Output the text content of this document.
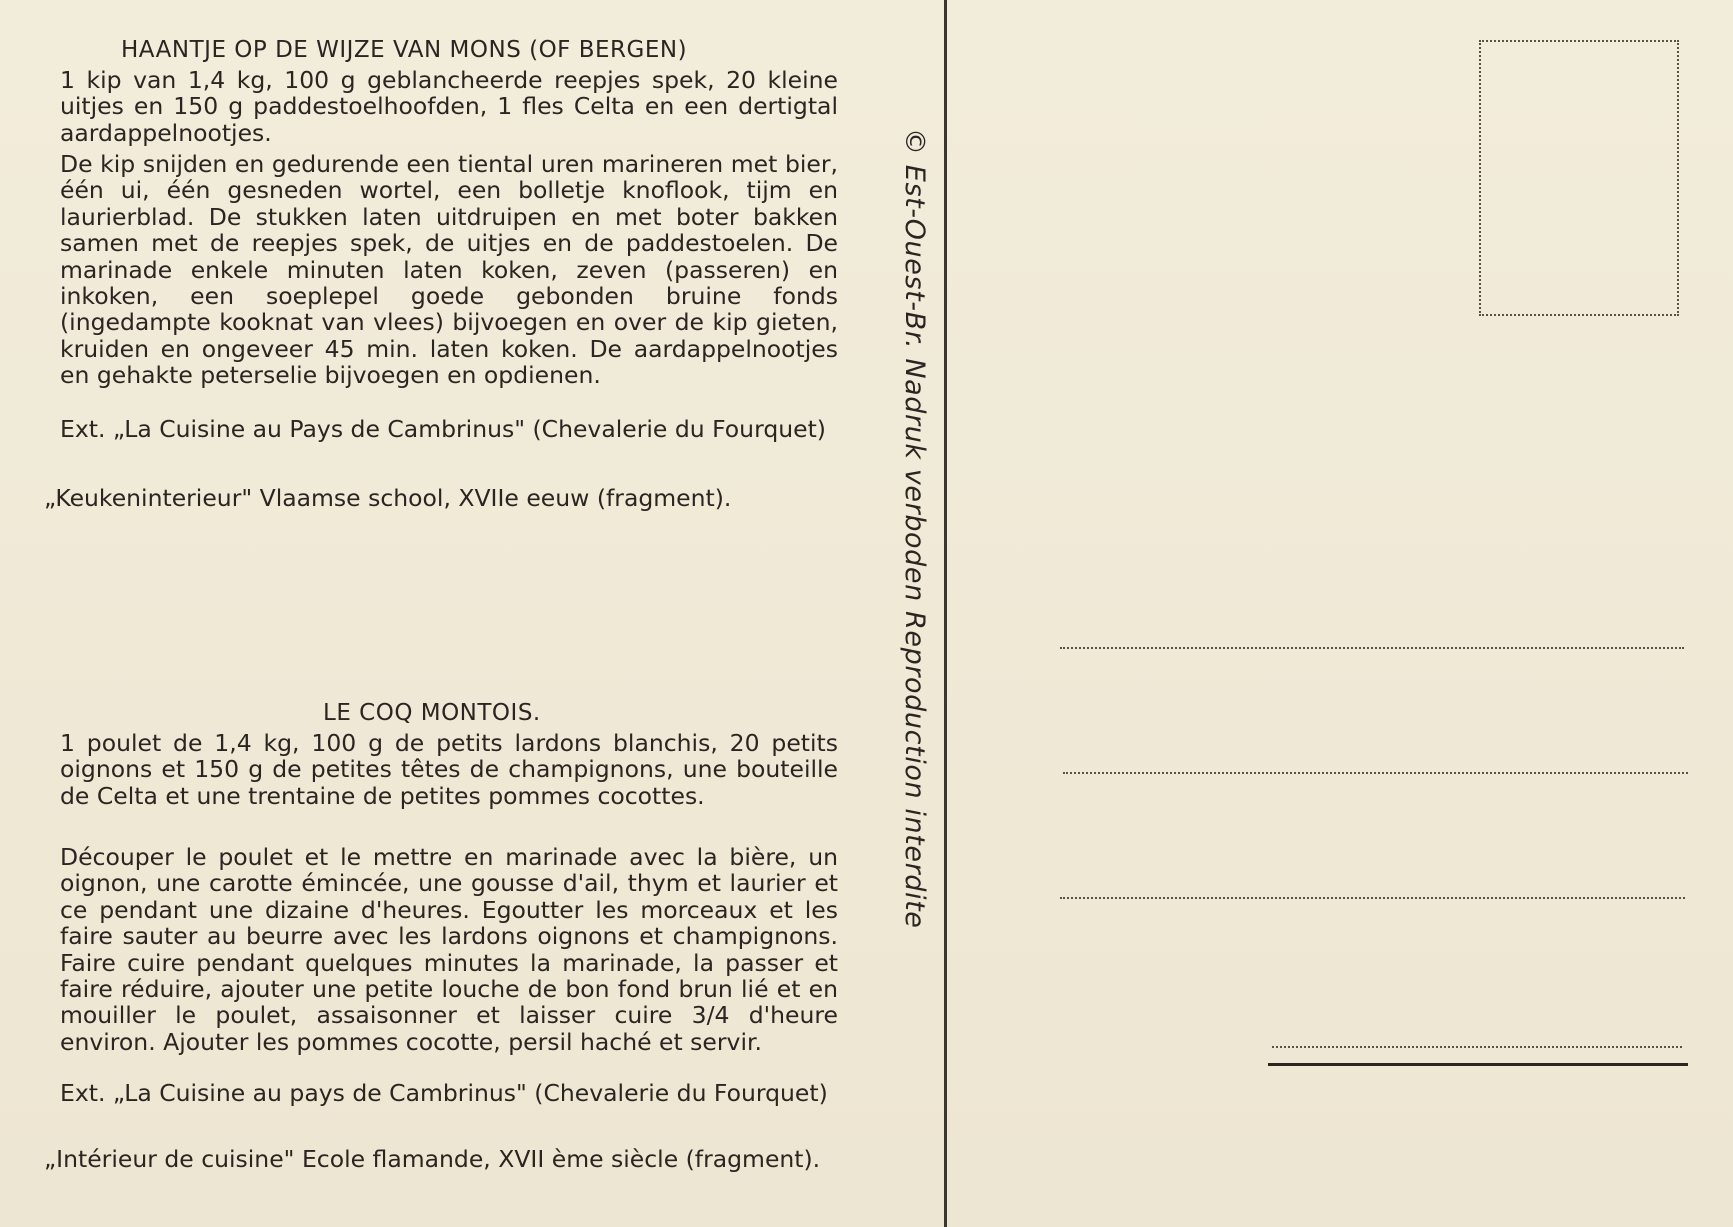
HAANTJE OP DE WIJZE VAN MONS (OF BERGEN)
1 kip van 1,4 kg, 100 g geblancheerde reepjes spek, 20 kleine uitjes en 150 g paddestoelhoofden, 1 fles Celta en een dertigtal aardappelnootjes.
De kip snijden en gedurende een tiental uren marineren met bier, één ui, één gesneden wortel, een bolletje knoflook, tijm en laurierblad. De stukken laten uitdruipen en met boter bakken samen met de reepjes spek, de uitjes en de paddestoelen. De marinade enkele minuten laten koken, zeven (passeren) en inkoken, een soeplepel goede gebonden bruine fonds (ingedampte kooknat van vlees) bijvoegen en over de kip gieten, kruiden en ongeveer 45 min. laten koken. De aardappelnootjes en gehakte peterselie bijvoegen en opdienen.
Ext. „La Cuisine au Pays de Cambrinus" (Chevalerie du Fourquet)
„Keukeninterieur" Vlaamse school, XVIIe eeuw (fragment).
LE COQ MONTOIS.
1 poulet de 1,4 kg, 100 g de petits lardons blanchis, 20 petits oignons et 150 g de petites têtes de champignons, une bouteille de Celta et une trentaine de petites pommes cocottes.
Découper le poulet et le mettre en marinade avec la bière, un oignon, une carotte émincée, une gousse d'ail, thym et laurier et ce pendant une dizaine d'heures. Egoutter les morceaux et les faire sauter au beurre avec les lardons oignons et champignons. Faire cuire pendant quelques minutes la marinade, la passer et faire réduire, ajouter une petite louche de bon fond brun lié et en mouiller le poulet, assaisonner et laisser cuire 3/4 d'heure environ. Ajouter les pommes cocotte, persil haché et servir.
Ext. „La Cuisine au pays de Cambrinus" (Chevalerie du Fourquet)
„Intérieur de cuisine" Ecole flamande, XVII ème siècle (fragment).
© Est-Ouest-Br. Nadruk verboden Reproduction interdite
